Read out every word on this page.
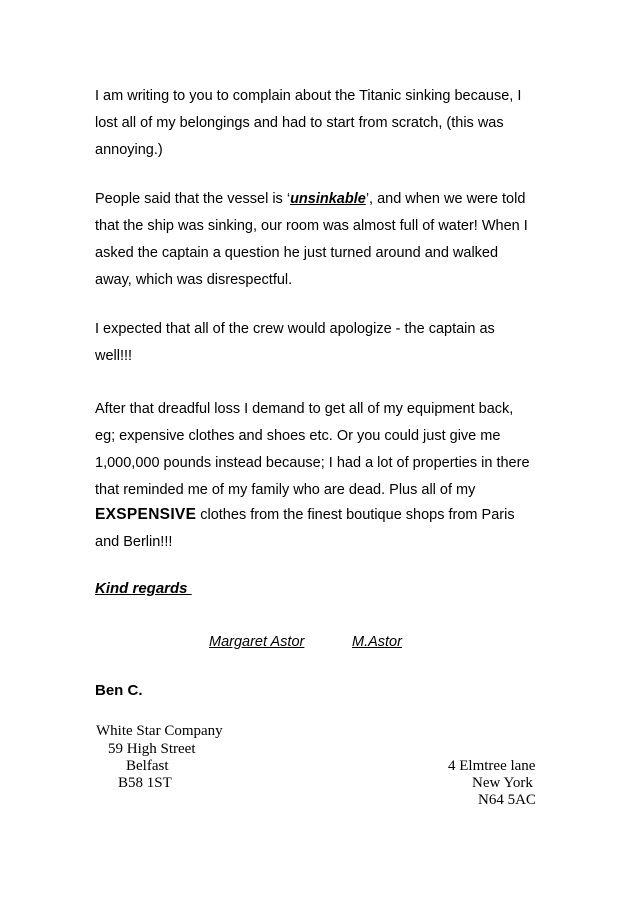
I am writing to you to complain about the Titanic sinking because, I
lost all of my belongings and had to start from scratch, (this was
annoying.)
People said that the vessel is ‘unsinkable’, and when we were told
that the ship was sinking, our room was almost full of water! When I
asked the captain a question he just turned around and walked
away, which was disrespectful.
I expected that all of the crew would apologize - the captain as
well!!!
After that dreadful loss I demand to get all of my equipment back,
eg; expensive clothes and shoes etc. Or you could just give me
1,000,000 pounds instead because; I had a lot of properties in there
that reminded me of my family who are dead. Plus all of my
EXSPENSIVE clothes from the finest boutique shops from Paris
and Berlin!!!
Kind regards
Margaret Astor	M.Astor
Ben C.
White Star Company
59 High Street
Belfast
B58 1ST
4 Elmtree lane
New York
N64 5AC
